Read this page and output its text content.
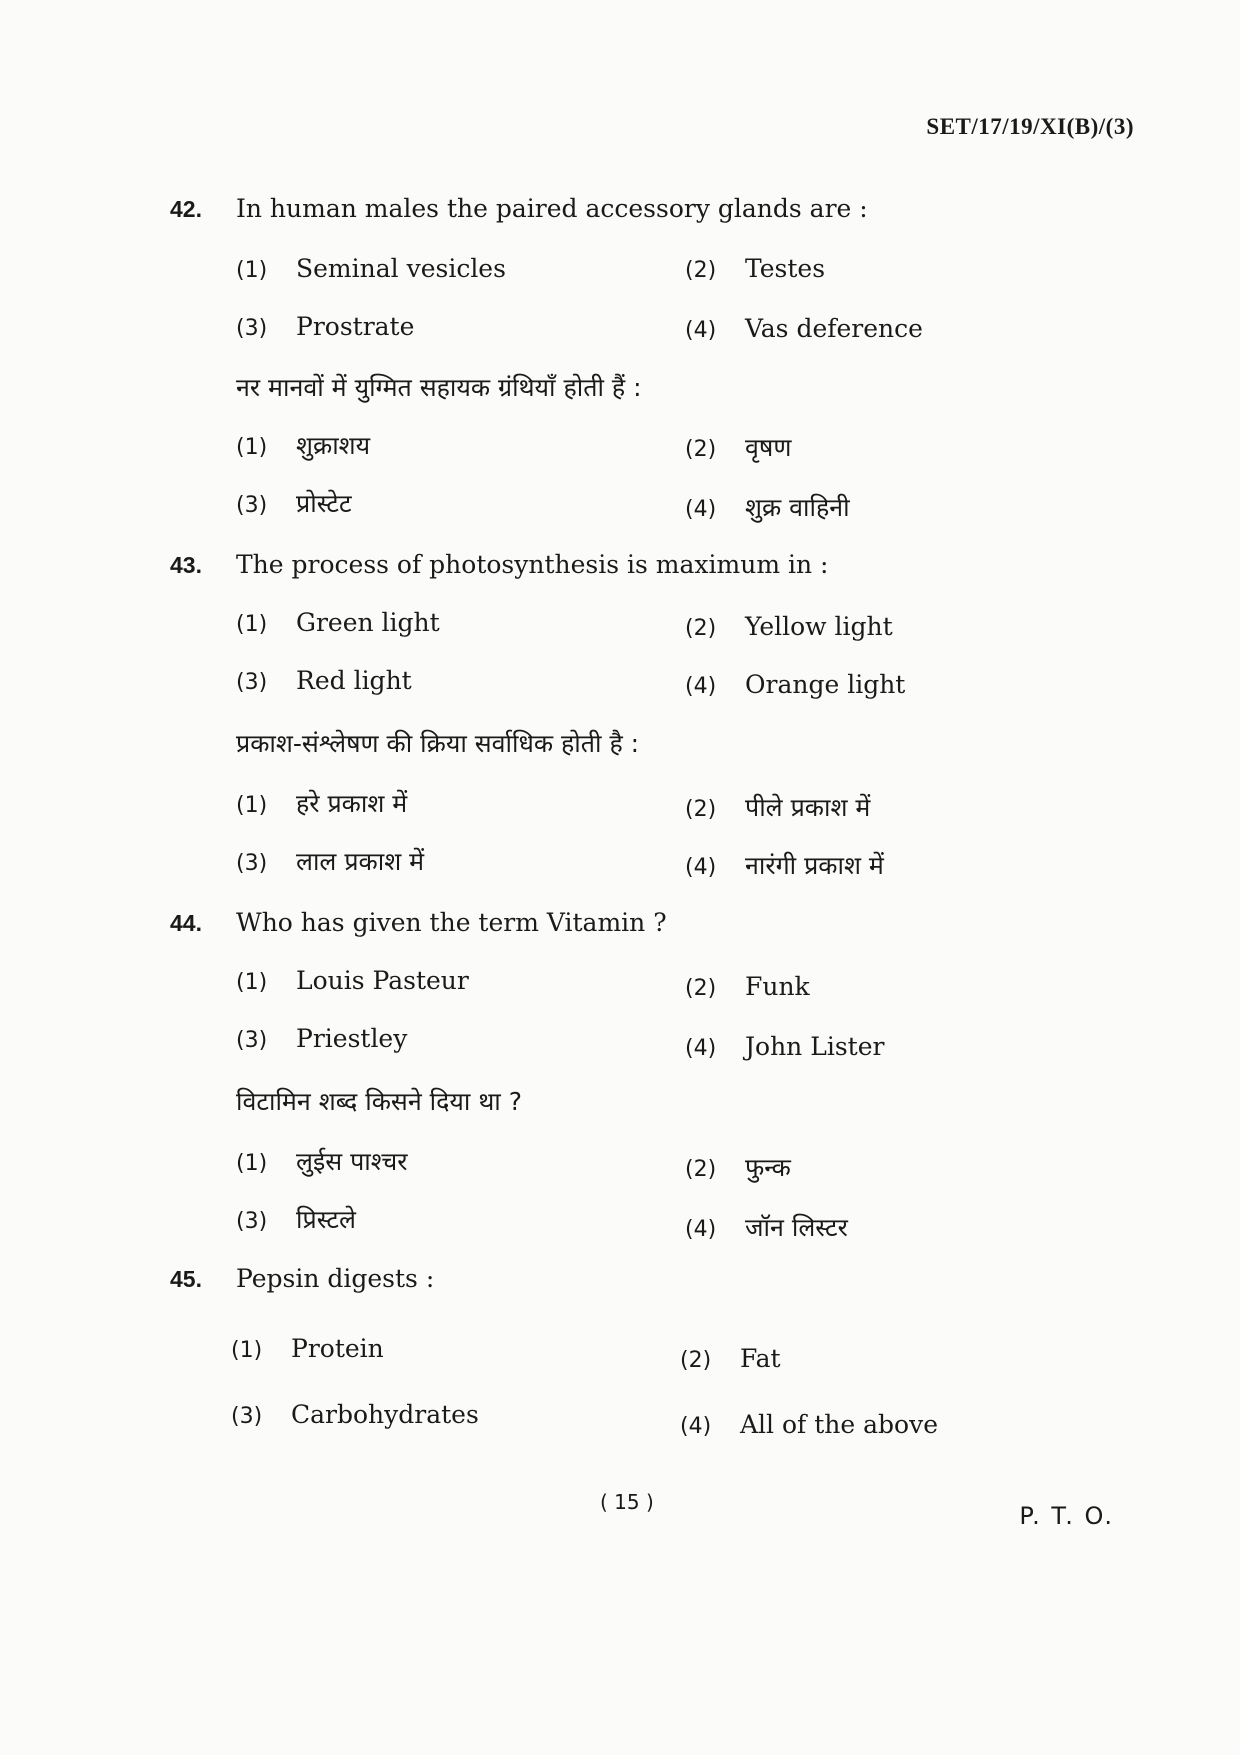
SET/17/19/XI(B)/(3)
42. In human males the paired accessory glands are :
(1) Seminal vesicles	(2) Testes
(3) Prostrate	(4) Vas deference
नर मानवों में युग्मित सहायक ग्रंथियाँ होती हैं :
(1) शुक्राशय	(2) वृषण
(3) प्रोस्टेट	(4) शुक्र वाहिनी
43. The process of photosynthesis is maximum in :
(1) Green light	(2) Yellow light
(3) Red light	(4) Orange light
प्रकाश-संश्लेषण की क्रिया सर्वाधिक होती है :
(1) हरे प्रकाश में	(2) पीले प्रकाश में
(3) लाल प्रकाश में	(4) नारंगी प्रकाश में
44. Who has given the term Vitamin ?
(1) Louis Pasteur	(2) Funk
(3) Priestley	(4) John Lister
विटामिन शब्द किसने दिया था ?
(1) लुईस पाश्चर	(2) फुन्क
(3) प्रिस्टले	(4) जॉन लिस्टर
45. Pepsin digests :
(1) Protein	(2) Fat
(3) Carbohydrates	(4) All of the above
( 15 )	P. T. O.
